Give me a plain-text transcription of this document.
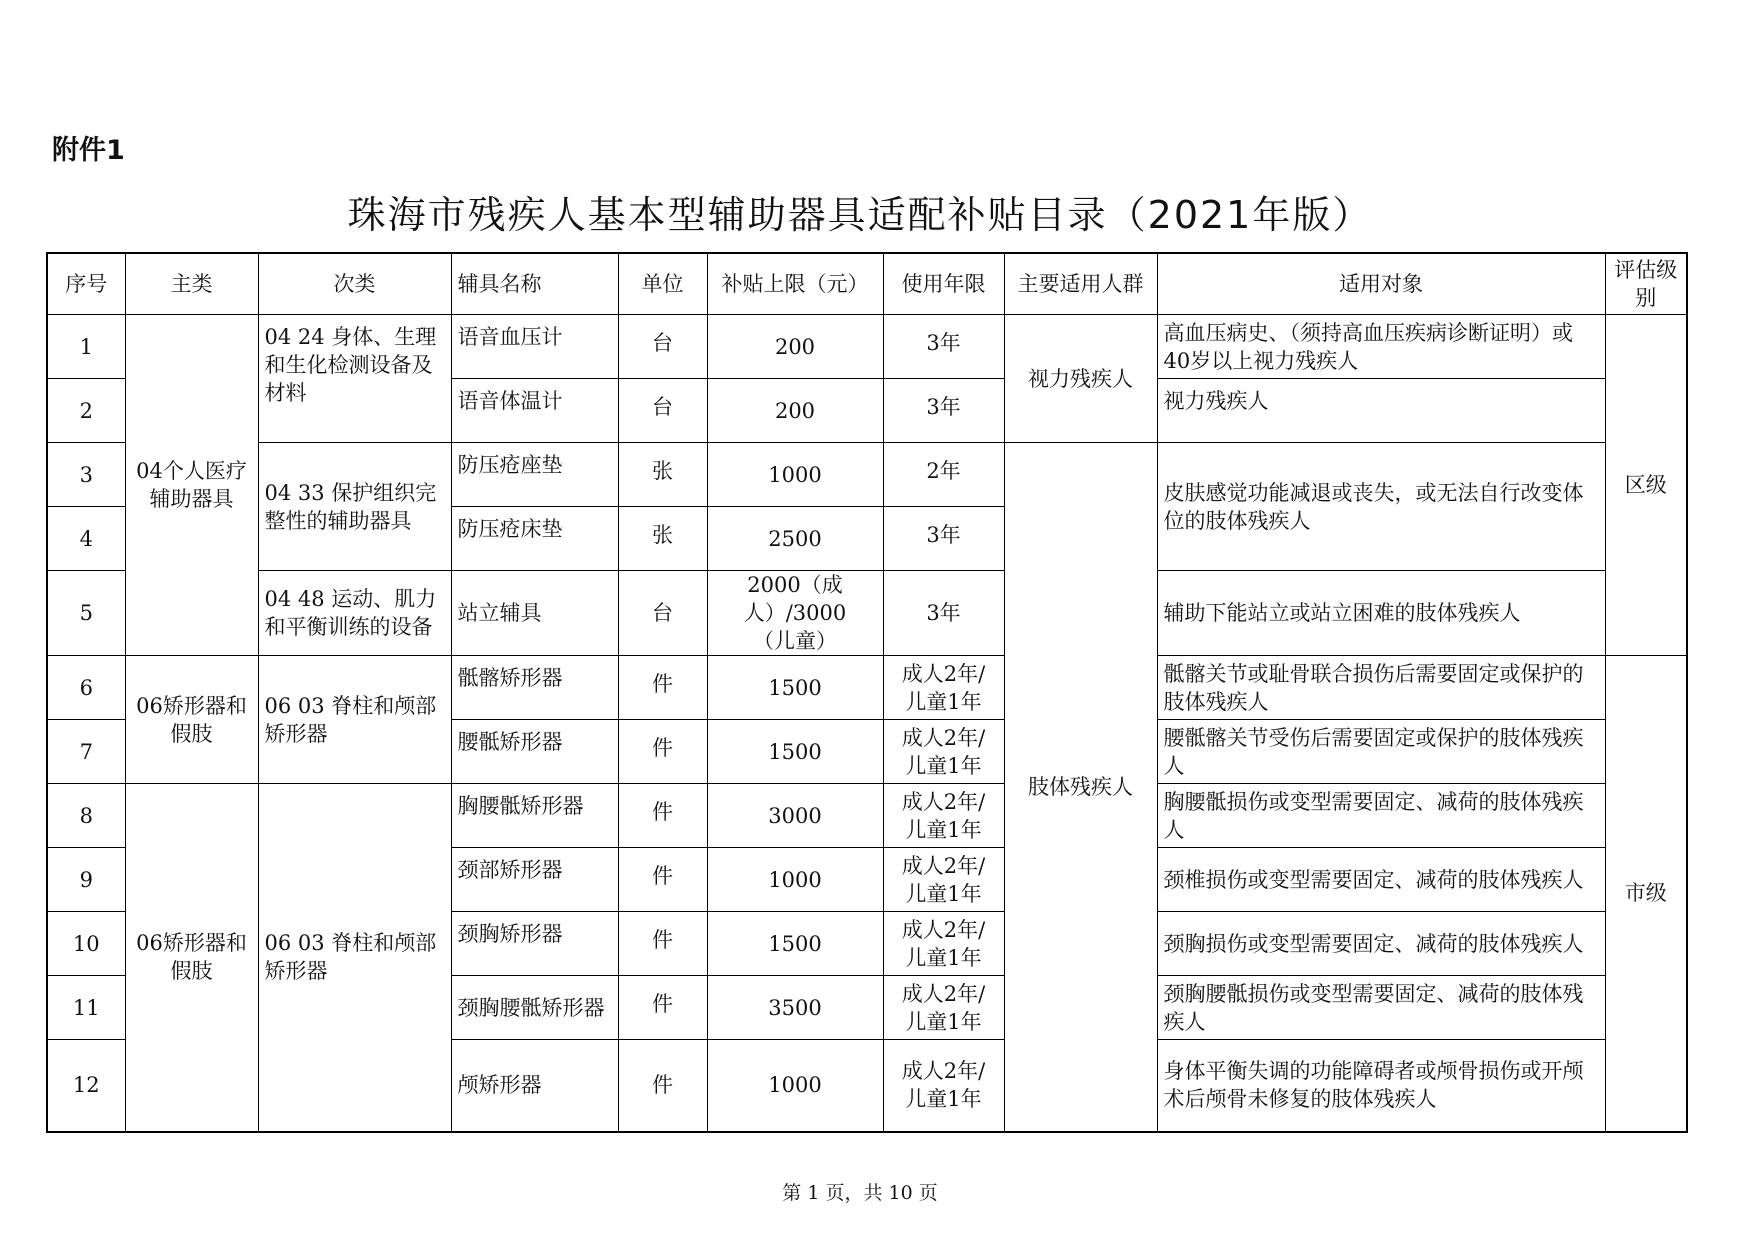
附件1
珠海市残疾人基本型辅助器具适配补贴目录（2021年版）
序号	主类	次类	辅具名称	单位	补贴上限（元）	使用年限	主要适用人群	适用对象	评估级别
1	04个人医疗辅助器具	04 24 身体、生理和生化检测设备及材料	语音血压计	台	200	3年	视力残疾人	高血压病史、（须持高血压疾病诊断证明）或40岁以上视力残疾人	区级
2			语音体温计	台	200	3年		视力残疾人	
3		04 33 保护组织完整性的辅助器具	防压疮座垫	张	1000	2年	肢体残疾人	皮肤感觉功能减退或丧失，或无法自行改变体位的肢体残疾人	
4			防压疮床垫	张	2500	3年			
5		04 48 运动、肌力和平衡训练的设备	站立辅具	台	2000（成人）/3000（儿童）	3年		辅助下能站立或站立困难的肢体残疾人	
6	06矫形器和假肢	06 03 脊柱和颅部矫形器	骶髂矫形器	件	1500	成人2年/儿童1年		骶髂关节或耻骨联合损伤后需要固定或保护的肢体残疾人	市级
7			腰骶矫形器	件	1500	成人2年/儿童1年		腰骶髂关节受伤后需要固定或保护的肢体残疾人	
8	06矫形器和假肢	06 03 脊柱和颅部矫形器	胸腰骶矫形器	件	3000	成人2年/儿童1年		胸腰骶损伤或变型需要固定、减荷的肢体残疾人	
9			颈部矫形器	件	1000	成人2年/儿童1年		颈椎损伤或变型需要固定、减荷的肢体残疾人	
10			颈胸矫形器	件	1500	成人2年/儿童1年		颈胸损伤或变型需要固定、减荷的肢体残疾人	
11			颈胸腰骶矫形器	件	3500	成人2年/儿童1年		颈胸腰骶损伤或变型需要固定、减荷的肢体残疾人	
12			颅矫形器	件	1000	成人2年/儿童1年		身体平衡失调的功能障碍者或颅骨损伤或开颅术后颅骨未修复的肢体残疾人	
第 1 页，共 10 页
